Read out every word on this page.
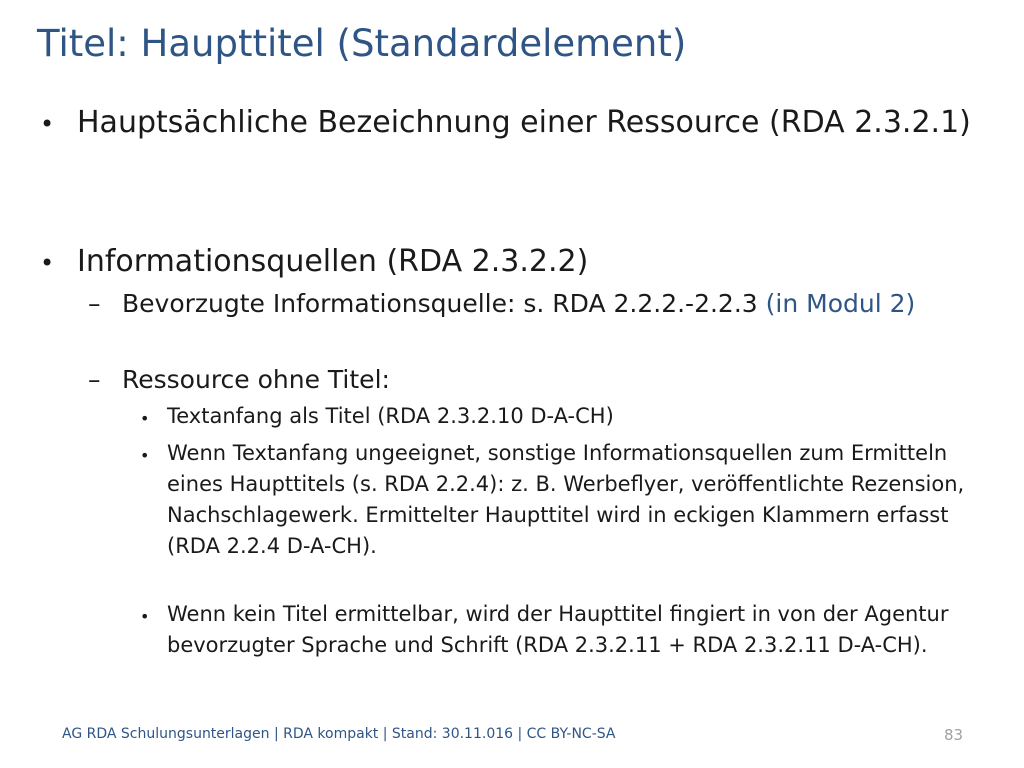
Titel: Haupttitel (Standardelement)
• Hauptsächliche Bezeichnung einer Ressource (RDA 2.3.2.1)

• Informationsquellen (RDA 2.3.2.2)

– Bevorzugte Informationsquelle: s. RDA 2.2.2.-2.2.3 (in Modul 2)

– Ressource ohne Titel:

• Textanfang als Titel (RDA 2.3.2.10 D-A-CH)

• Wenn Textanfang ungeeignet, sonstige Informationsquellen zum Ermitteln eines Haupttitels (s. RDA 2.2.4): z. B. Werbeflyer, veröffentlichte Rezension, Nachschlagewerk. Ermittelter Haupttitel wird in eckigen Klammern erfasst (RDA 2.2.4 D-A-CH).

• Wenn kein Titel ermittelbar, wird der Haupttitel fingiert in von der Agentur bevorzugter Sprache und Schrift (RDA 2.3.2.11 + RDA 2.3.2.11 D-A-CH).

AG RDA Schulungsunterlagen | RDA kompakt | Stand: 30.11.016 | CC BY-NC-SA	83
